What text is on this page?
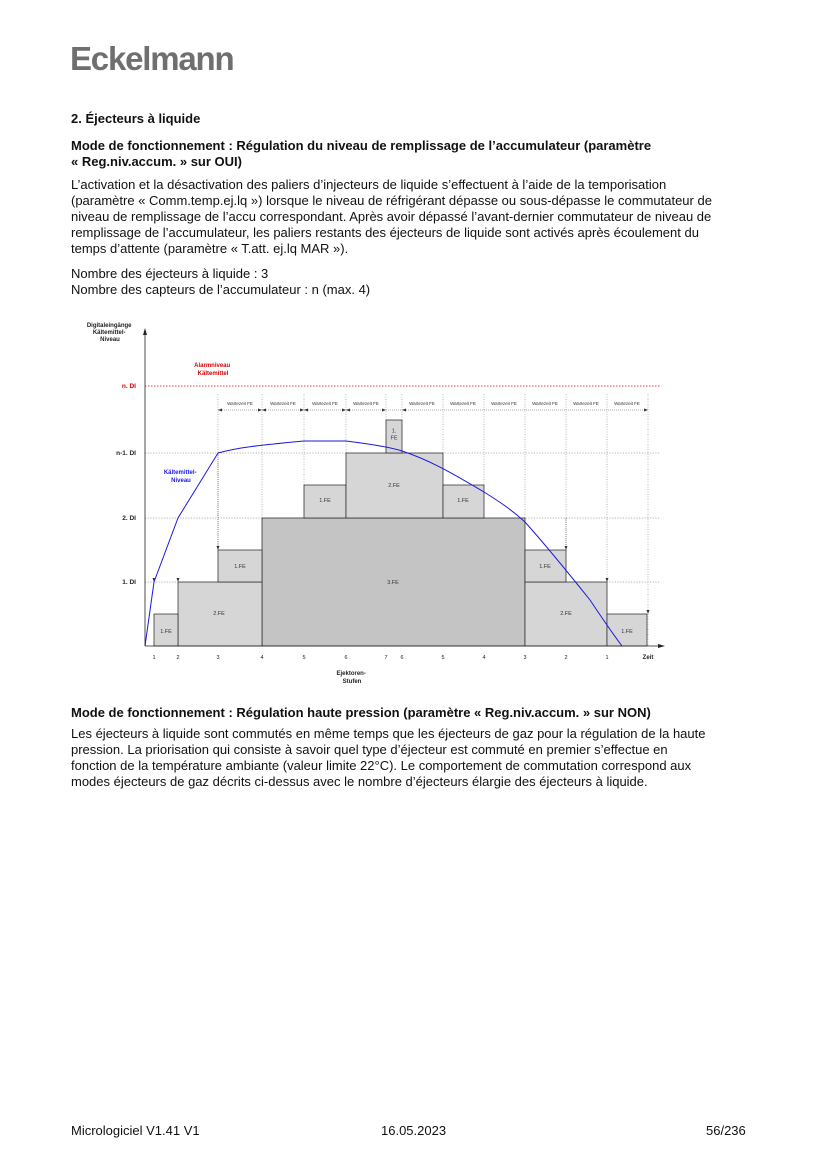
Eckelmann
2. Éjecteurs à liquide
Mode de fonctionnement : Régulation du niveau de remplissage de l’accumulateur (paramètre
« Reg.niv.accum. » sur OUI)
L’activation et la désactivation des paliers d’injecteurs de liquide s’effectuent à l’aide de la temporisation
(paramètre « Comm.temp.ej.lq ») lorsque le niveau de réfrigérant dépasse ou sous-dépasse le commutateur de
niveau de remplissage de l’accu correspondant. Après avoir dépassé l’avant-dernier commutateur de niveau de
remplissage de l’accumulateur, les paliers restants des éjecteurs de liquide sont activés après écoulement du
temps d’attente (paramètre « T.att. ej.lq MAR »).
Nombre des éjecteurs à liquide : 3
Nombre des capteurs de l’accumulateur : n (max. 4)
Digitaleingänge Kältemittel- Niveau
Alarmniveau Kältemittel
n. DI
n-1. DI
2. DI
1. DI
Wartezeit FE	Wartezeit FE	Wartezeit FE	Wartezeit FE	Wartezeit FE	Wartezeit FE	Wartezeit FE	Wartezeit FE	Wartezeit FE	Wartezeit FE
1.FE
2.FE
1.FE
3.FE
1.FE
2.FE
1. FE
1.FE
2.FE
1.FE
1.FE
Kältemittel- Niveau
Zeit
1	2	3	4	5	6	7 6	5	4	3	2	1
Ejektoren- Stufen
Mode de fonctionnement : Régulation haute pression (paramètre « Reg.niv.accum. » sur NON)
Les éjecteurs à liquide sont commutés en même temps que les éjecteurs de gaz pour la régulation de la haute
pression. La priorisation qui consiste à savoir quel type d’éjecteur est commuté en premier s’effectue en
fonction de la température ambiante (valeur limite 22°C). Le comportement de commutation correspond aux
modes éjecteurs de gaz décrits ci-dessus avec le nombre d’éjecteurs élargie des éjecteurs à liquide.
Micrologiciel V1.41 V1	16.05.2023	56/236
